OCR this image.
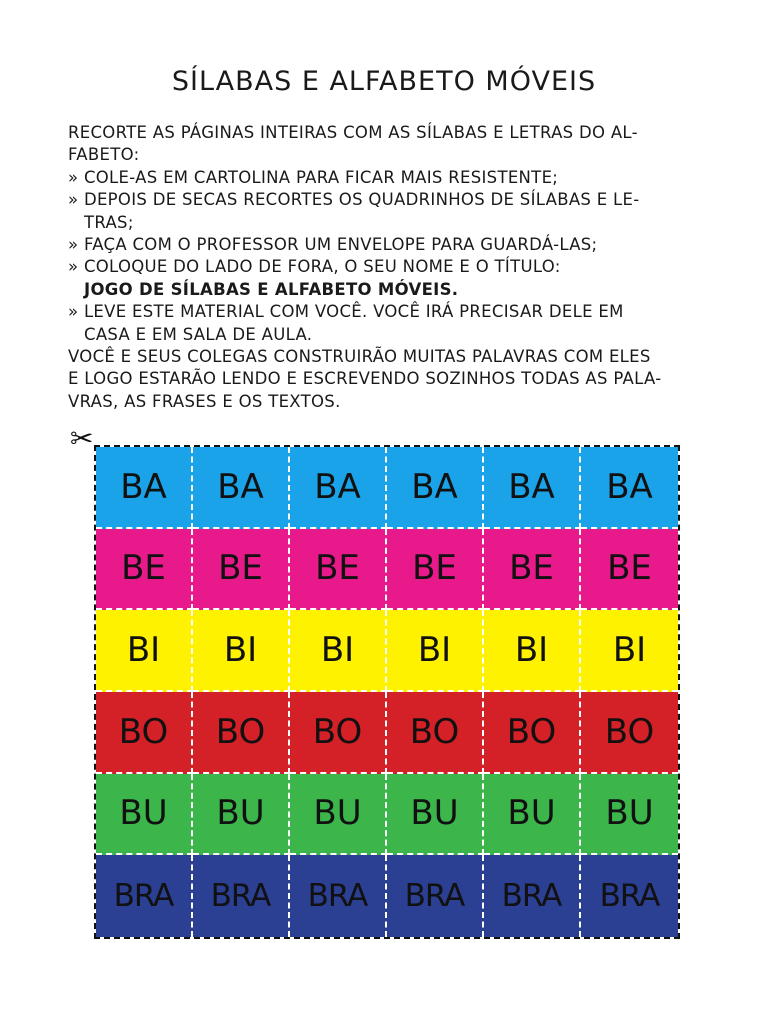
SÍLABAS E ALFABETO MÓVEIS
RECORTE AS PÁGINAS INTEIRAS COM AS SÍLABAS E LETRAS DO AL-
FABETO:
» COLE-AS EM CARTOLINA PARA FICAR MAIS RESISTENTE;
» DEPOIS DE SECAS RECORTES OS QUADRINHOS DE SÍLABAS E LE-
TRAS;
» FAÇA COM O PROFESSOR UM ENVELOPE PARA GUARDÁ-LAS;
» COLOQUE DO LADO DE FORA, O SEU NOME E O TÍTULO:
JOGO DE SÍLABAS E ALFABETO MÓVEIS.
» LEVE ESTE MATERIAL COM VOCÊ. VOCÊ IRÁ PRECISAR DELE EM
CASA E EM SALA DE AULA.
VOCÊ E SEUS COLEGAS CONSTRUIRÃO MUITAS PALAVRAS COM ELES
E LOGO ESTARÃO LENDO E ESCREVENDO SOZINHOS TODAS AS PALA-
VRAS, AS FRASES E OS TEXTOS.
✂
BA	BA	BA	BA	BA	BA
BE	BE	BE	BE	BE	BE
BI	BI	BI	BI	BI	BI
BO	BO	BO	BO	BO	BO
BU	BU	BU	BU	BU	BU
BRA	BRA	BRA	BRA	BRA	BRA
